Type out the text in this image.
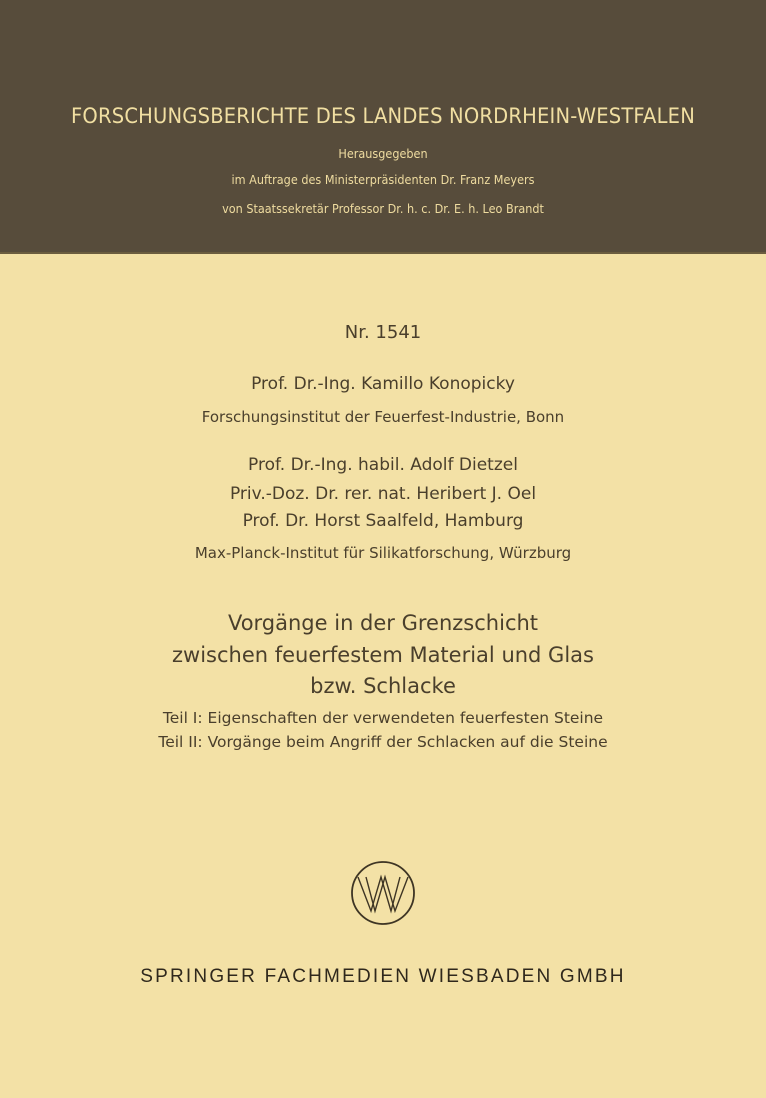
FORSCHUNGSBERICHTE DES LANDES NORDRHEIN-WESTFALEN
Herausgegeben
im Auftrage des Ministerpräsidenten Dr. Franz Meyers
von Staatssekretär Professor Dr. h. c. Dr. E. h. Leo Brandt
Nr. 1541
Prof. Dr.-Ing. Kamillo Konopicky
Forschungsinstitut der Feuerfest-Industrie, Bonn
Prof. Dr.-Ing. habil. Adolf Dietzel
Priv.-Doz. Dr. rer. nat. Heribert J. Oel
Prof. Dr. Horst Saalfeld, Hamburg
Max-Planck-Institut für Silikatforschung, Würzburg
Vorgänge in der Grenzschicht
zwischen feuerfestem Material und Glas
bzw. Schlacke
Teil I: Eigenschaften der verwendeten feuerfesten Steine
Teil II: Vorgänge beim Angriff der Schlacken auf die Steine
SPRINGER FACHMEDIEN WIESBADEN GMBH
